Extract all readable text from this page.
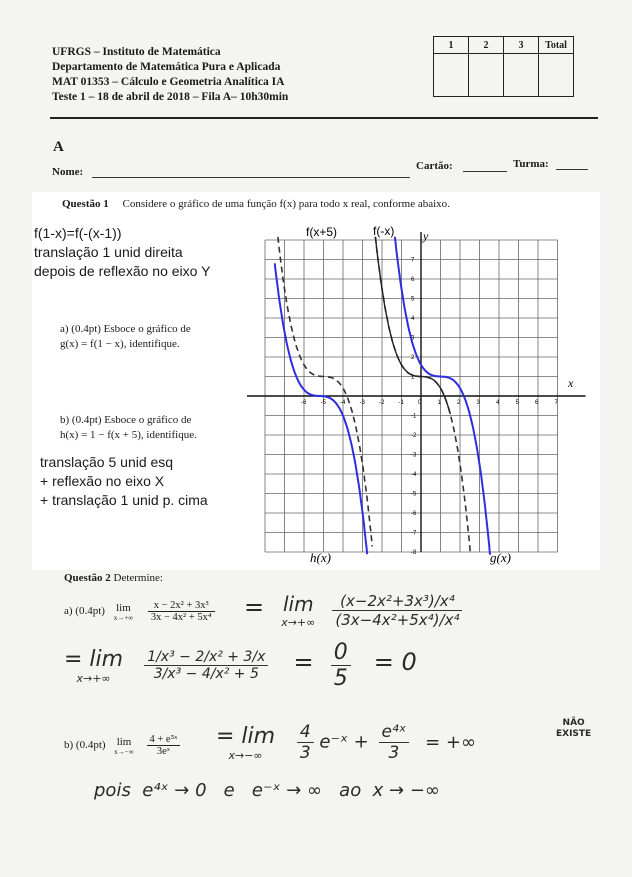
UFRGS – Instituto de Matemática
Departamento de Matemática Pura e Aplicada
MAT 01353 – Cálculo e Geometria Analítica IA
Teste 1 – 18 de abril de 2018 – Fila A– 10h30min
1	2	3	Total

A
Nome:	Cartão:	Turma:
Questão 1 Considere o gráfico de uma função f(x) para todo x real, conforme abaixo.
f(1-x)=f(-(x-1))
translação 1 unid direita
depois de reflexão no eixo Y
a) (0.4pt) Esboce o gráfico de
g(x) = f(1 − x), identifique.
b) (0.4pt) Esboce o gráfico de
h(x) = 1 − f(x + 5), identifique.
translação 5 unid esq
+ reflexão no eixo X
+ translação 1 unid p. cima
-6 -5 -4 -3 -2 -1 0	1	2	3	4	5	6	7
7
6
5
4
3
2
1
-1
-2
-3
-4
-5
-6
-7
-8
f(x+5)	f(-x) y
x
h(x)	g(x)
Questão 2 Determine:
a) (0.4pt) lim
x→+∞
$\frac{\text{x − 2x² + 3x³}}{\text{3x − 4x² + 5x⁴}} = \lim$
x→+∞
$\frac{\text{(x−2x²+3x³)/x⁴}}{\text{(3x−4x²+5x⁴)/x⁴}}$
= lim
x→+∞
	$\frac{\text{1/x³ − 2/x² + 3/x}}{\text{3/x³ − 4/x² + 5}} = \frac{0}{5} = 0$
b) (0.4pt) lim
x→−∞
$\frac{\text{4 + e⁵ˣ}}{\text{3eˣ}} = \lim$
x→−∞
	$\frac{4}{3}$ e⁻ˣ + $\frac{\text{e⁴ˣ}}{3}$ = +∞
NÃO
EXISTE
pois  e⁴ˣ → 0   e   e⁻ˣ → ∞   ao  x → −∞
